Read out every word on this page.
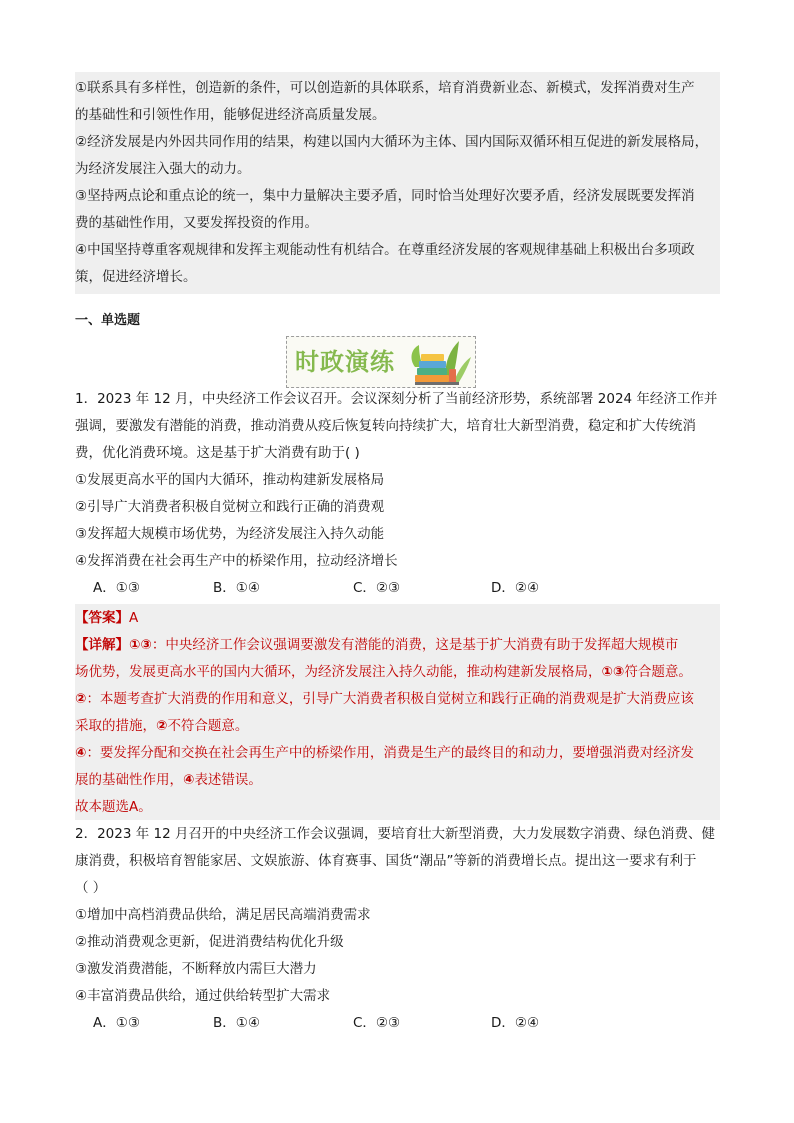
①联系具有多样性，创造新的条件，可以创造新的具体联系，培育消费新业态、新模式，发挥消费对生产
的基础性和引领性作用，能够促进经济高质量发展。
②经济发展是内外因共同作用的结果，构建以国内大循环为主体、国内国际双循环相互促进的新发展格局，
为经济发展注入强大的动力。
③坚持两点论和重点论的统一，集中力量解决主要矛盾，同时恰当处理好次要矛盾，经济发展既要发挥消
费的基础性作用，又要发挥投资的作用。
④中国坚持尊重客观规律和发挥主观能动性有机结合。在尊重经济发展的客观规律基础上积极出台多项政
策，促进经济增长。
一、单选题
时政演练
1．2023 年 12 月，中央经济工作会议召开。会议深刻分析了当前经济形势，系统部署 2024 年经济工作并
强调，要激发有潜能的消费，推动消费从疫后恢复转向持续扩大，培育壮大新型消费，稳定和扩大传统消
费，优化消费环境。这是基于扩大消费有助于( )
①发展更高水平的国内大循环，推动构建新发展格局
②引导广大消费者积极自觉树立和践行正确的消费观
③发挥超大规模市场优势，为经济发展注入持久动能
④发挥消费在社会再生产中的桥梁作用，拉动经济增长
A．①③	B．①④	C．②③	D．②④
【答案】A
【详解】①③：中央经济工作会议强调要激发有潜能的消费，这是基于扩大消费有助于发挥超大规模市
场优势，发展更高水平的国内大循环，为经济发展注入持久动能，推动构建新发展格局，①③符合题意。
②：本题考查扩大消费的作用和意义，引导广大消费者积极自觉树立和践行正确的消费观是扩大消费应该
采取的措施，②不符合题意。
④：要发挥分配和交换在社会再生产中的桥梁作用，消费是生产的最终目的和动力，要增强消费对经济发
展的基础性作用，④表述错误。
故本题选A。
2．2023 年 12 月召开的中央经济工作会议强调，要培育壮大新型消费，大力发展数字消费、绿色消费、健
康消费，积极培育智能家居、文娱旅游、体育赛事、国货“潮品”等新的消费增长点。提出这一要求有利于
（ ）
①增加中高档消费品供给，满足居民高端消费需求
②推动消费观念更新，促进消费结构优化升级
③激发消费潜能，不断释放内需巨大潜力
④丰富消费品供给，通过供给转型扩大需求
A．①③	B．①④	C．②③	D．②④
